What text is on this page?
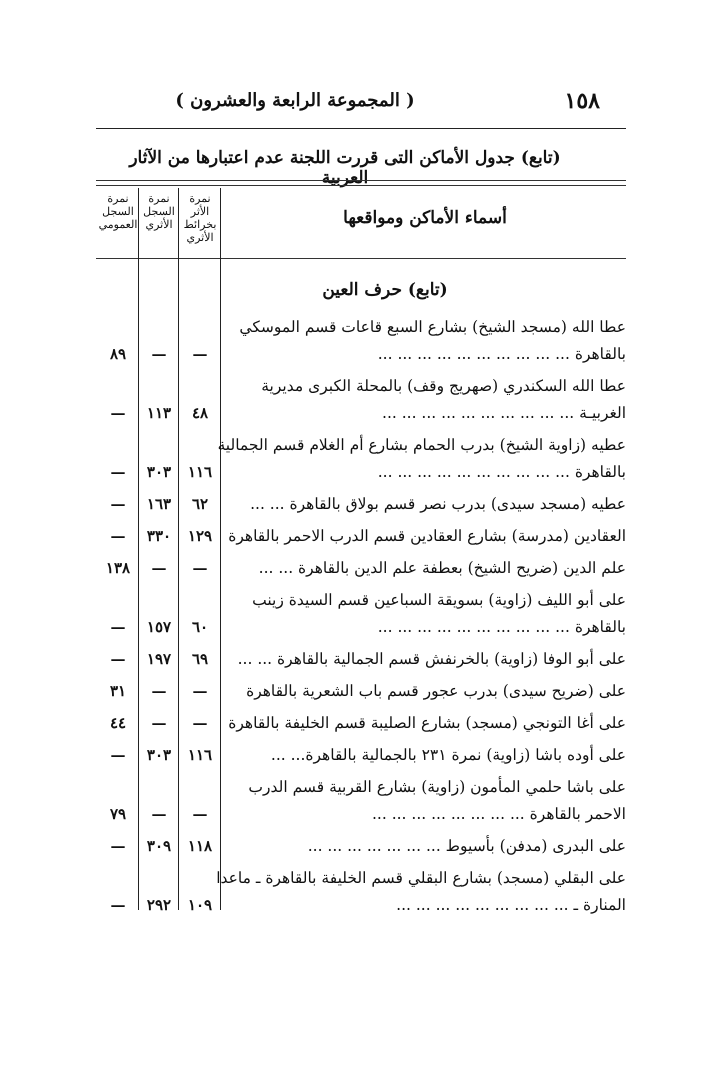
١٥٨
( المجموعة الرابعة والعشرون )
(تابع) جدول الأماكن التى قررت اللجنة عدم اعتبارها من الآثار العربية
أسماء الأماكن ومواقعها
نمرة الأثر بخرائط الأثري
نمرة السجل الأثري
نمرة السجل العمومي
(تابع) حرف العين
عطا الله (مسجد الشيخ) بشارع السبع قاعات قسم الموسكي
بالقاهرة ... ... ... ... ... ... ... ... ... ...
—
—
٨٩
عطا الله السكندري (صهريج وقف) بالمحلة الكبرى مديرية
الغربيـة ... ... ... ... ... ... ... ... ... ...
٤٨
١١٣
—
عطيه (زاوية الشيخ) بدرب الحمام بشارع أم الغلام قسم الجمالية
بالقاهرة ... ... ... ... ... ... ... ... ... ...
١١٦
٣٠٣
—
عطيه (مسجد سيدى) بدرب نصر قسم بولاق بالقاهرة ... ...
٦٢
١٦٣
—
العقادين (مدرسة) بشارع العقادين قسم الدرب الاحمر بالقاهرة
١٢٩
٣٣٠
—
علم الدين (ضريح الشيخ) بعطفة علم الدين بالقاهرة ... ...
—
—
١٣٨
على أبو الليف (زاوية) بسويقة السباعين قسم السيدة زينب
بالقاهرة ... ... ... ... ... ... ... ... ... ...
٦٠
١٥٧
—
على أبو الوفا (زاوية) بالخرنفش قسم الجمالية بالقاهرة ... ...
٦٩
١٩٧
—
على (ضريح سيدى) بدرب عجور قسم باب الشعرية بالقاهرة
—
—
٣١
على أغا التونجي (مسجد) بشارع الصليبة قسم الخليفة بالقاهرة
—
—
٤٤
على أوده باشا (زاوية) نمرة ٢٣١ بالجمالية بالقاهرة... ...
١١٦
٣٠٣
—
على باشا حلمي المأمون (زاوية) بشارع القربية قسم الدرب
الاحمر بالقاهرة ... ... ... ... ... ... ... ...
—
—
٧٩
على البدرى (مدفن) بأسيوط ... ... ... ... ... ... ...
١١٨
٣٠٩
—
على البقلي (مسجد) بشارع البقلي قسم الخليفة بالقاهرة ـ ماعدا
المنارة ـ ... ... ... ... ... ... ... ... ...
١٠٩
٢٩٢
—
